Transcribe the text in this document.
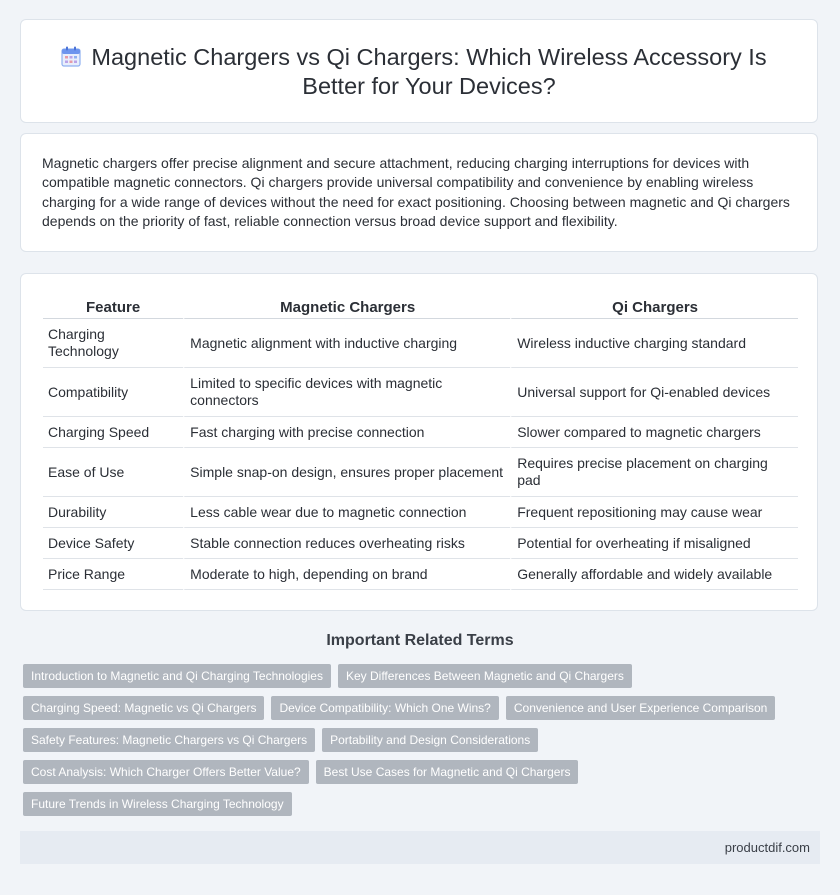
Magnetic Chargers vs Qi Chargers: Which Wireless Accessory Is Better for Your Devices?

Magnetic chargers offer precise alignment and secure attachment, reducing charging interruptions for devices with compatible magnetic connectors. Qi chargers provide universal compatibility and convenience by enabling wireless charging for a wide range of devices without the need for exact positioning. Choosing between magnetic and Qi chargers depends on the priority of fast, reliable connection versus broad device support and flexibility.

Feature	Magnetic Chargers	Qi Chargers
Charging Technology	Magnetic alignment with inductive charging	Wireless inductive charging standard
Compatibility	Limited to specific devices with magnetic connectors	Universal support for Qi-enabled devices
Charging Speed	Fast charging with precise connection	Slower compared to magnetic chargers
Ease of Use	Simple snap-on design, ensures proper placement	Requires precise placement on charging pad
Durability	Less cable wear due to magnetic connection	Frequent repositioning may cause wear
Device Safety	Stable connection reduces overheating risks	Potential for overheating if misaligned
Price Range	Moderate to high, depending on brand	Generally affordable and widely available
Important Related Terms
Introduction to Magnetic and Qi Charging Technologies	Key Differences Between Magnetic and Qi Chargers
Charging Speed: Magnetic vs Qi Chargers	Device Compatibility: Which One Wins?	Convenience and User Experience Comparison
Safety Features: Magnetic Chargers vs Qi Chargers	Portability and Design Considerations
Cost Analysis: Which Charger Offers Better Value?	Best Use Cases for Magnetic and Qi Chargers
Future Trends in Wireless Charging Technology
productdif.com
